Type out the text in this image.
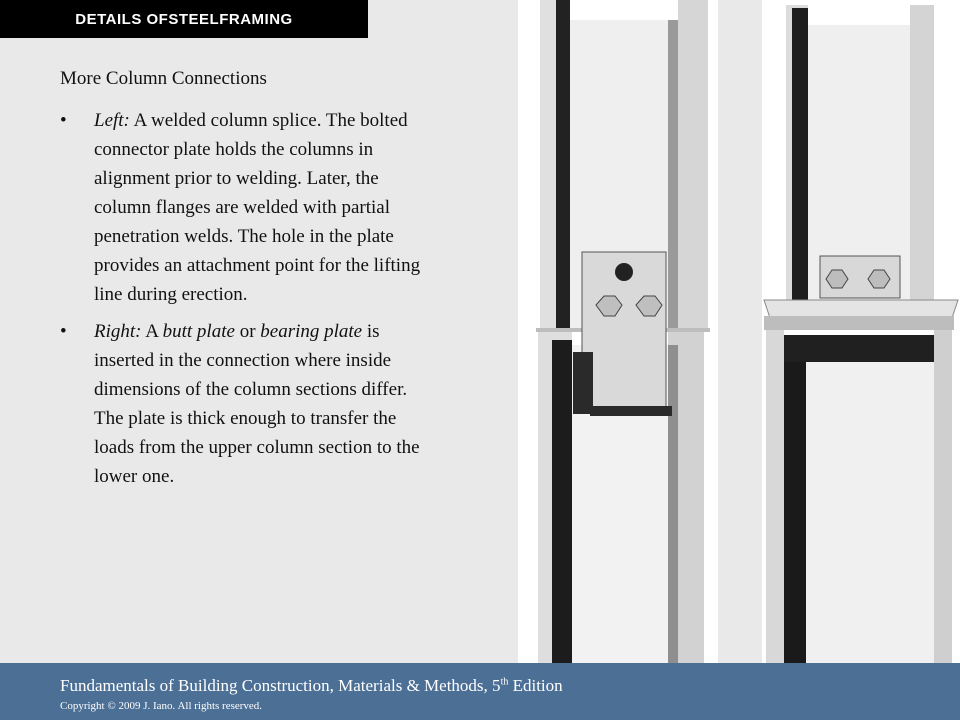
D ETAILS OF S TEEL F RAMING
More Column Connections
• Left: A welded column splice. The bolted connector plate holds the columns in alignment prior to welding. Later, the column flanges are welded with partial penetration welds. The hole in the plate provides an attachment point for the lifting line during erection.
• Right: A butt plate or bearing plate is inserted in the connection where inside dimensions of the column sections differ. The plate is thick enough to transfer the loads from the upper column section to the lower one.
Fundamentals of Building Construction, Materials & Methods, 5th Edition
Copyright © 2009 J. Iano. All rights reserved.
